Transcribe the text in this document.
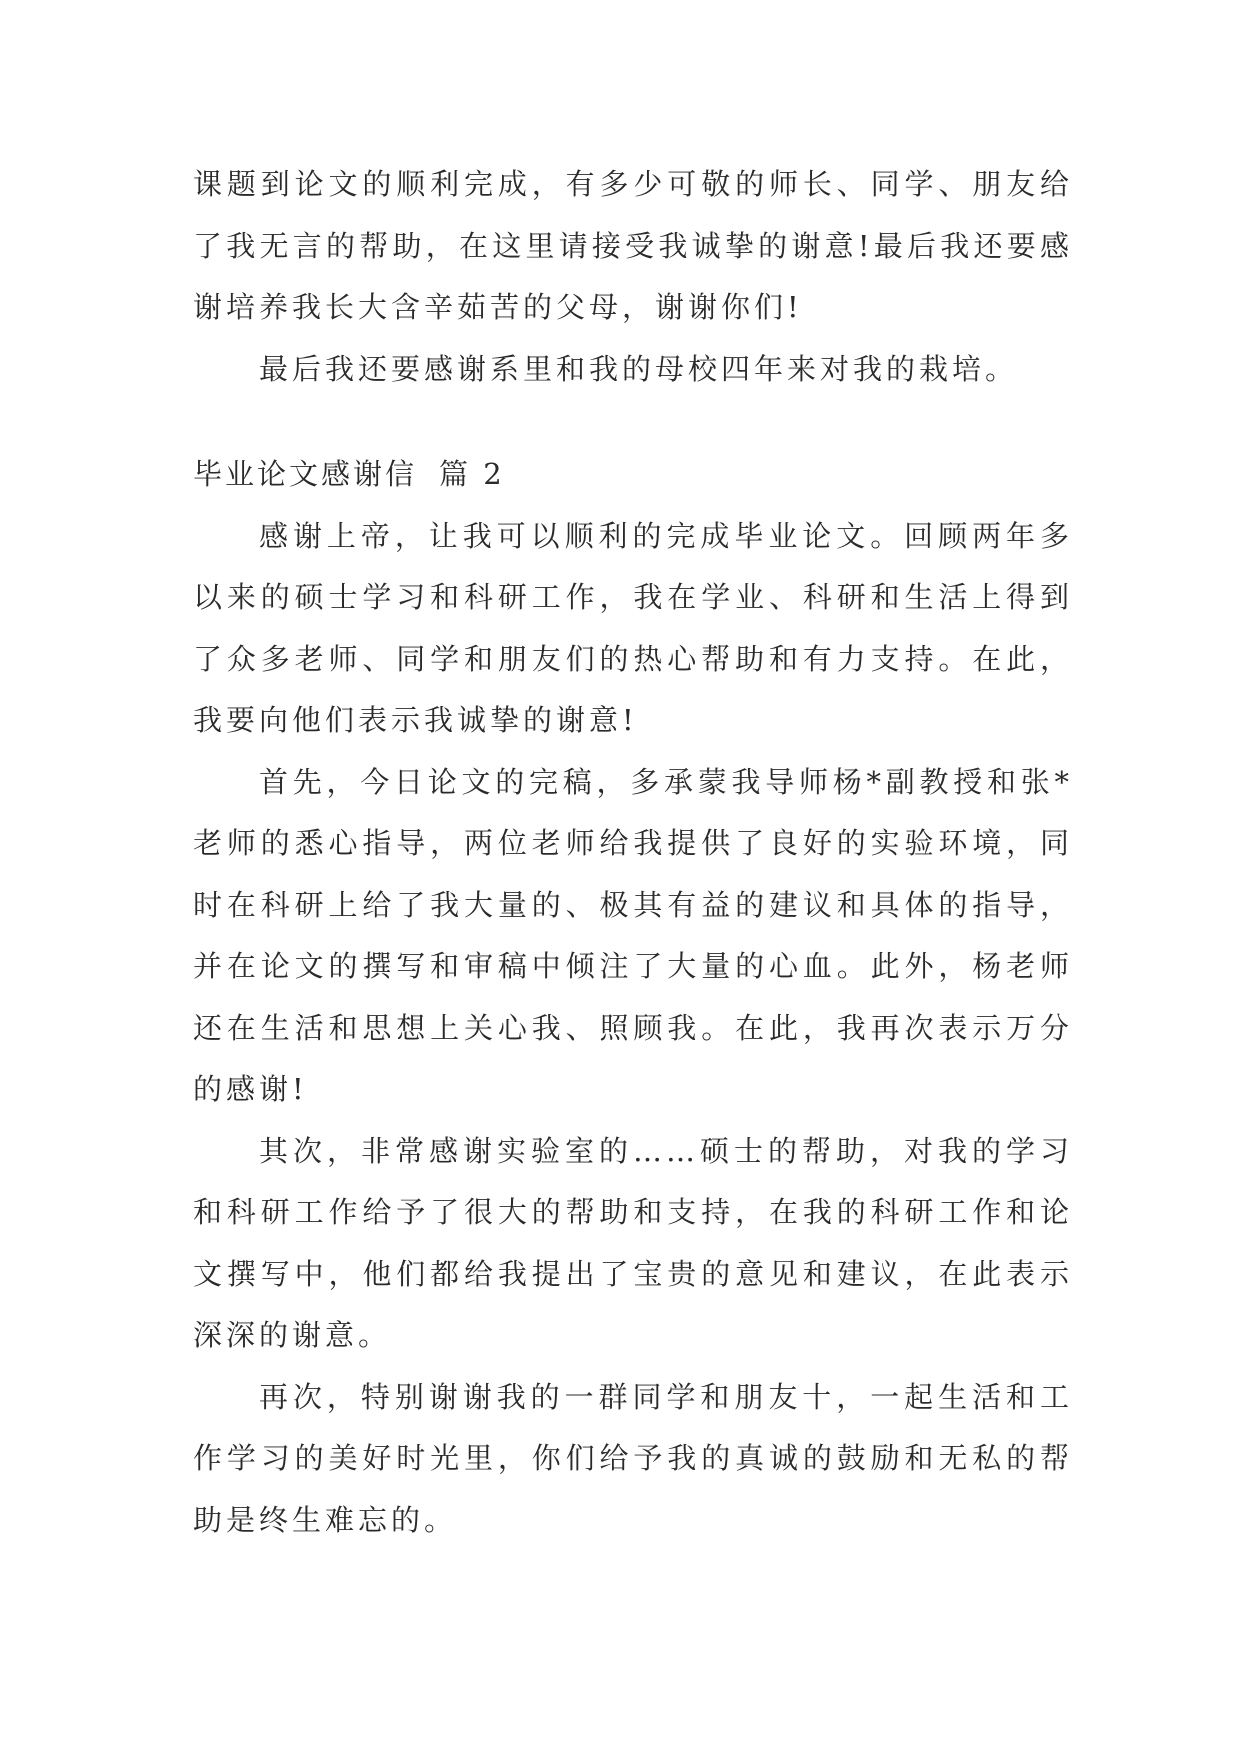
课题到论文的顺利完成，有多少可敬的师长、同学、朋友给了我无言的帮助，在这里请接受我诚挚的谢意!最后我还要感谢培养我长大含辛茹苦的父母，谢谢你们!

最后我还要感谢系里和我的母校四年来对我的栽培。

毕业论文感谢信 篇 2

感谢上帝，让我可以顺利的完成毕业论文。回顾两年多以来的硕士学习和科研工作，我在学业、科研和生活上得到了众多老师、同学和朋友们的热心帮助和有力支持。在此，我要向他们表示我诚挚的谢意!

首先，今日论文的完稿，多承蒙我导师杨*副教授和张*老师的悉心指导，两位老师给我提供了良好的实验环境，同时在科研上给了我大量的、极其有益的建议和具体的指导，并在论文的撰写和审稿中倾注了大量的心血。此外，杨老师还在生活和思想上关心我、照顾我。在此，我再次表示万分的感谢!

其次，非常感谢实验室的……硕士的帮助，对我的学习和科研工作给予了很大的帮助和支持，在我的科研工作和论文撰写中，他们都给我提出了宝贵的意见和建议，在此表示深深的谢意。

再次，特别谢谢我的一群同学和朋友十，一起生活和工作学习的美好时光里，你们给予我的真诚的鼓励和无私的帮助是终生难忘的。
